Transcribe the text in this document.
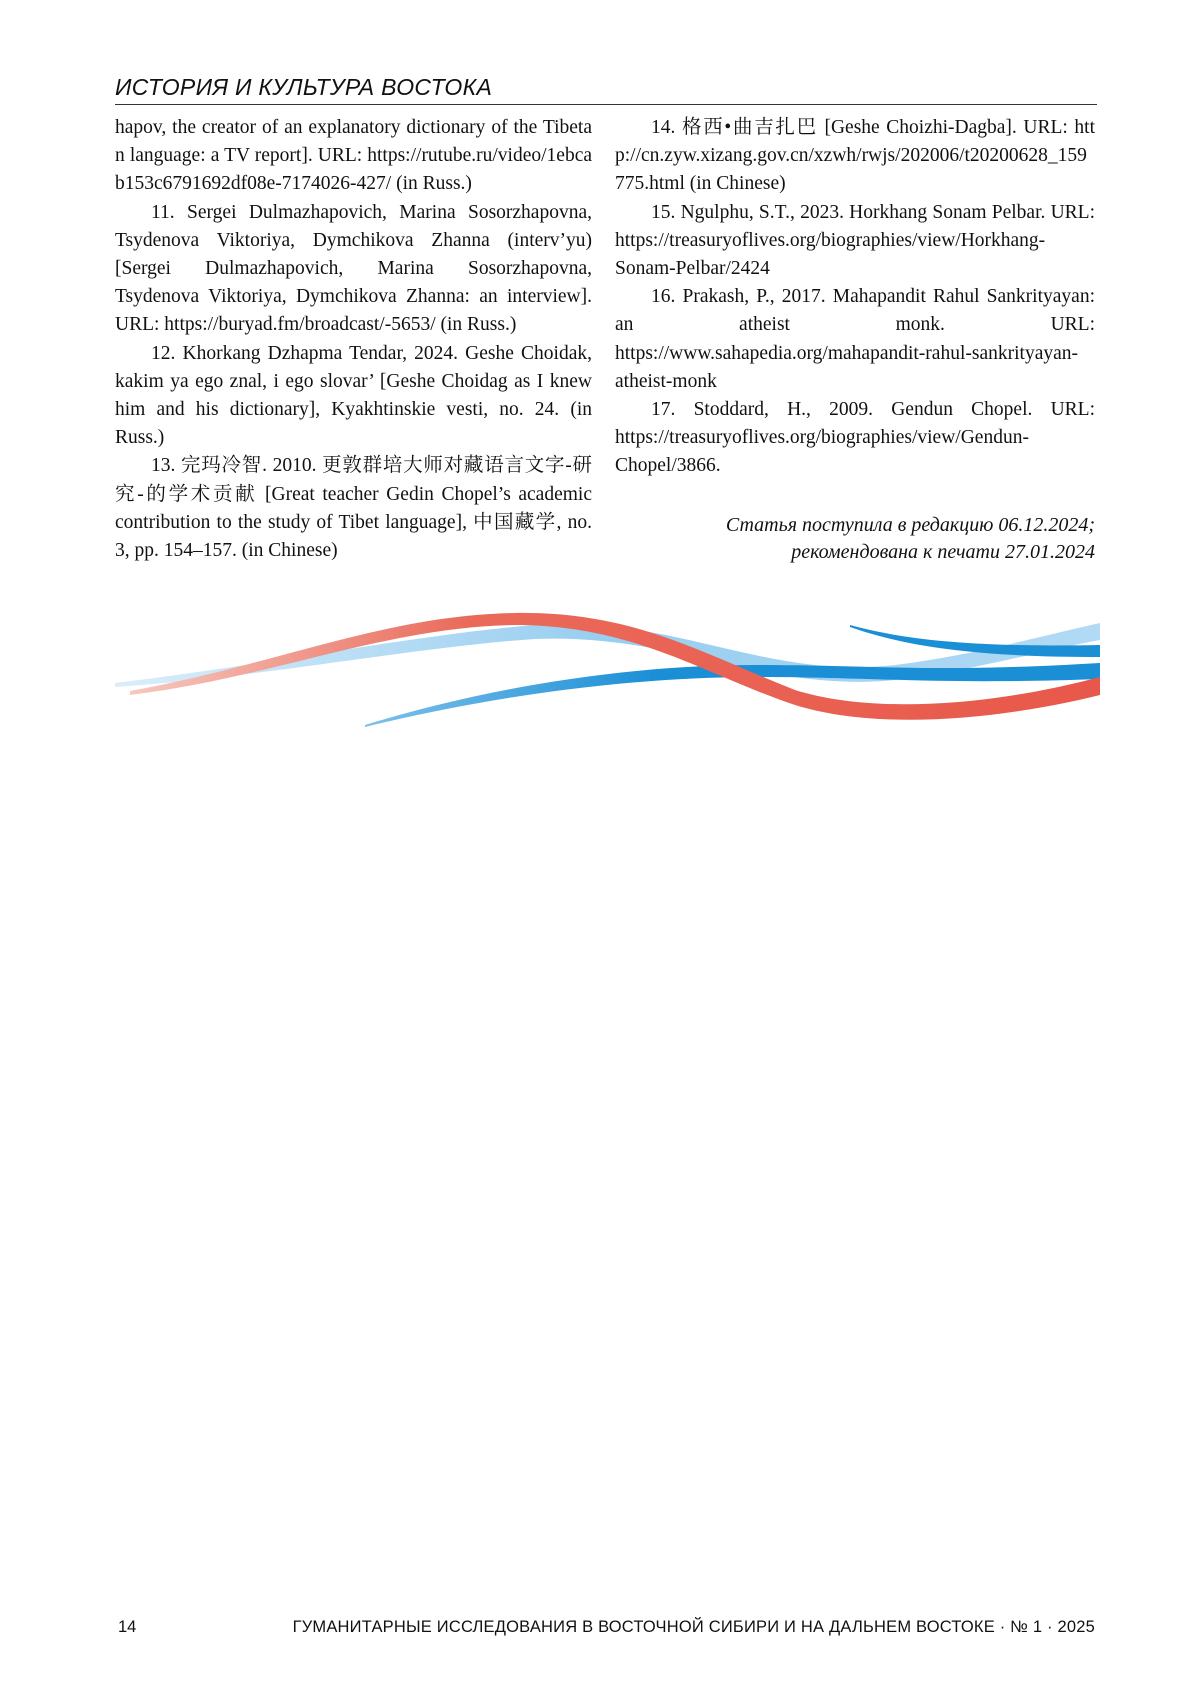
ИСТОРИЯ И КУЛЬТУРА ВОСТОКА

hapov, the creator of an explanatory dictionary of the Tibetan language: a TV report]. URL: https://rutube.ru/video/1ebcab153c6791692df08e-7174026-427/ (in Russ.)

11. Sergei Dulmazhapovich, Marina Sosorzhapovna, Tsydenova Viktoriya, Dymchikova Zhanna (interv’yu) [Sergei Dulmazhapovich, Marina Sosorzhapovna, Tsydenova Viktoriya, Dymchikova Zhanna: an interview]. URL: https://buryad.fm/broadcast/-5653/ (in Russ.)

12. Khorkang Dzhapma Tendar, 2024. Geshe Choidak, kakim ya ego znal, i ego slovar’ [Geshe Choidag as I knew him and his dictionary], Kyakhtinskie vesti, no. 24. (in Russ.)

13. 完玛冷智. 2010. 更敦群培大师对藏语言文字-研究-的学术贡献 [Great teacher Gedin Chopel’s academic contribution to the study of Tibet language], 中国藏学, no. 3, pp. 154–157. (in Chinese)

14. 格西•曲吉扎巴 [Geshe Choizhi-Dagba]. URL: http://cn.zyw.xizang.gov.cn/xzwh/rwjs/202006/t20200628_159775.html (in Chinese)

15. Ngulphu, S.T., 2023. Horkhang Sonam Pelbar. URL: https://treasuryoflives.org/biographies/view/Horkhang-Sonam-Pelbar/2424

16. Prakash, P., 2017. Mahapandit Rahul Sankrityayan: an atheist monk. URL: https://www.sahapedia.org/mahapandit-rahul-sankrityayan-atheist-monk

17. Stoddard, H., 2009. Gendun Chopel. URL: https://treasuryoflives.org/biographies/view/Gendun-Chopel/3866.

Статья поступила в редакцию 06.12.2024;
рекомендована к печати 27.01.2024
14	ГУМАНИТАРНЫЕ ИССЛЕДОВАНИЯ В ВОСТОЧНОЙ СИБИРИ И НА ДАЛЬНЕМ ВОСТОКЕ · № 1 · 2025
